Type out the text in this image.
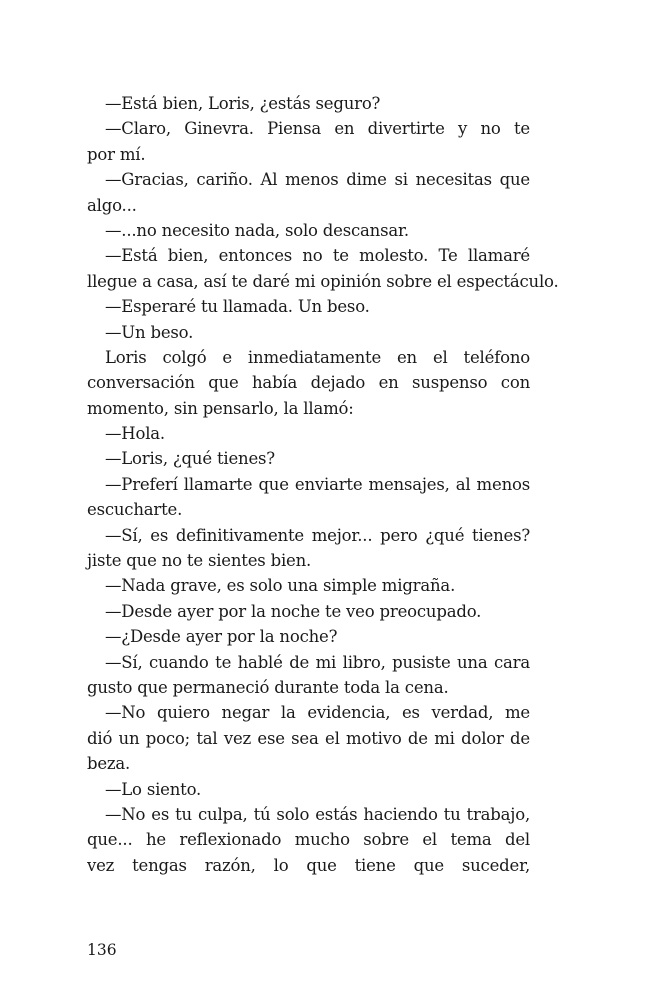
—Está bien, Loris, ¿estás seguro?
—Claro, Ginevra. Piensa en divertirte y no te
por mí.
—Gracias, cariño. Al menos dime si necesitas que
algo...
—...no necesito nada, solo descansar.
—Está bien, entonces no te molesto. Te llamaré
llegue a casa, así te daré mi opinión sobre el espectáculo.
—Esperaré tu llamada. Un beso.
—Un beso.
Loris colgó e inmediatamente en el teléfono
conversación que había dejado en suspenso con
momento, sin pensarlo, la llamó:
—Hola.
—Loris, ¿qué tienes?
—Preferí llamarte que enviarte mensajes, al menos
escucharte.
—Sí, es definitivamente mejor... pero ¿qué tienes?
jiste que no te sientes bien.
—Nada grave, es solo una simple migraña.
—Desde ayer por la noche te veo preocupado.
—¿Desde ayer por la noche?
—Sí, cuando te hablé de mi libro, pusiste una cara
gusto que permaneció durante toda la cena.
—No quiero negar la evidencia, es verdad, me
dió un poco; tal vez ese sea el motivo de mi dolor de
beza.
—Lo siento.
—No es tu culpa, tú solo estás haciendo tu trabajo,
que... he reflexionado mucho sobre el tema del
vez tengas razón, lo que tiene que suceder,
136
